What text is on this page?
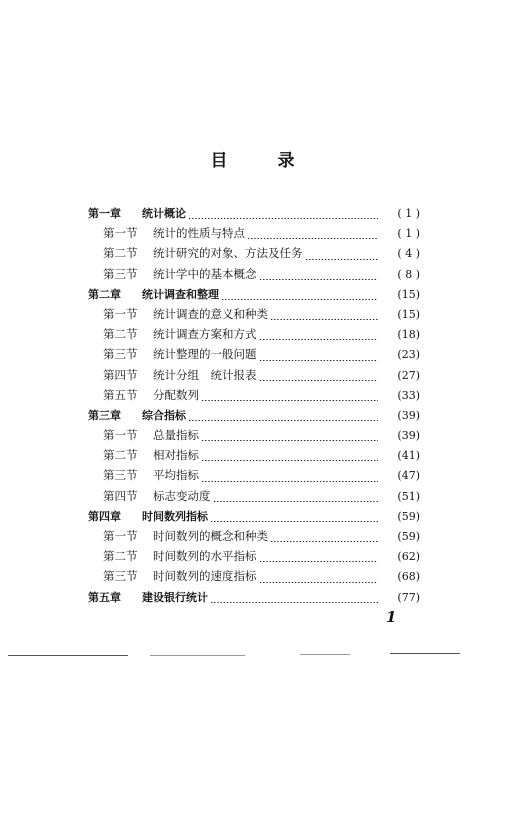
目 录
第一章	统计概论	( 1 )
第一节	统计的性质与特点	( 1 )
第二节	统计研究的对象、方法及任务	( 4 )
第三节	统计学中的基本概念	( 8 )
第二章	统计调查和整理	(15)
第一节	统计调查的意义和种类	(15)
第二节	统计调查方案和方式	(18)
第三节	统计整理的一般问题	(23)
第四节	统计分组　统计报表	(27)
第五节	分配数列	(33)
第三章	综合指标	(39)
第一节	总量指标	(39)
第二节	相对指标	(41)
第三节	平均指标	(47)
第四节	标志变动度	(51)
第四章	时间数列指标	(59)
第一节	时间数列的概念和种类	(59)
第二节	时间数列的水平指标	(62)
第三节	时间数列的速度指标	(68)
第五章	建设银行统计	(77)
1
